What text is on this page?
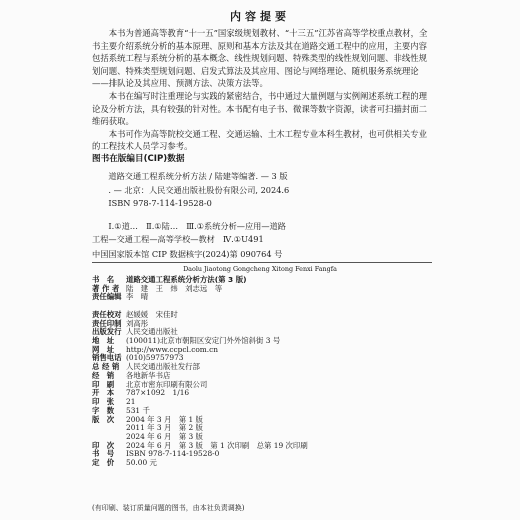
内容提要

本书为普通高等教育“十一五”国家级规划教材、“十三五”江苏省高等学校重点教材，全书主要介绍系统分析的基本原理、原则和基本方法及其在道路交通工程中的应用，主要内容包括系统工程与系统分析的基本概念、线性规划问题、特殊类型的线性规划问题、非线性规划问题、特殊类型规划问题、启发式算法及其应用、图论与网络理论、随机服务系统理论——排队论及其应用、预测方法、决策方法等。

本书在编写时注重理论与实践的紧密结合，书中通过大量例题与实例阐述系统工程的理论及分析方法，具有较强的针对性。本书配有电子书、微课等数字资源，读者可扫描封面二维码获取。

本书可作为高等院校交通工程、交通运输、土木工程专业本科生教材，也可供相关专业的工程技术人员学习参考。

图书在版编目(CIP)数据
道路交通工程系统分析方法 / 陆建等编著. — 3 版
. — 北京：人民交通出版社股份有限公司, 2024.6
ISBN 978-7-114-19528-0
Ⅰ.①道…　Ⅱ.①陆…　Ⅲ.①系统分析—应用—道路
工程—交通工程—高等学校—教材　Ⅳ.①U491
中国国家版本馆 CIP 数据核字(2024)第 090764 号
Daolu Jiaotong Gongcheng Xitong Fenxi Fangfa
书　名	道路交通工程系统分析方法(第 3 版)
著 作 者 陆　建　王　炜　刘志远　等
责任编辑 李　晴
责任校对 赵媛媛　宋佳时
责任印制 刘高彤
出版发行 人民交通出版社
地　址	(100011)北京市朝阳区安定门外外馆斜街 3 号
网　址	http://www.ccpcl.com.cn
销售电话 (010)59757973
总 经 销 人民交通出版社发行部
经　销	各地新华书店
印　刷	北京市密东印刷有限公司
开　本	787×1092　1/16
印　张	21
字　数	531 千
版　次	2004 年 3 月　第 1 版
2011 年 3 月　第 2 版
2024 年 6 月　第 3 版
印　次	2024 年 6 月　第 3 版　第 1 次印刷　总第 19 次印刷
书　号	ISBN 978-7-114-19528-0
定　价	50.00 元
(有印刷、装订质量问题的图书，由本社负责调换)
